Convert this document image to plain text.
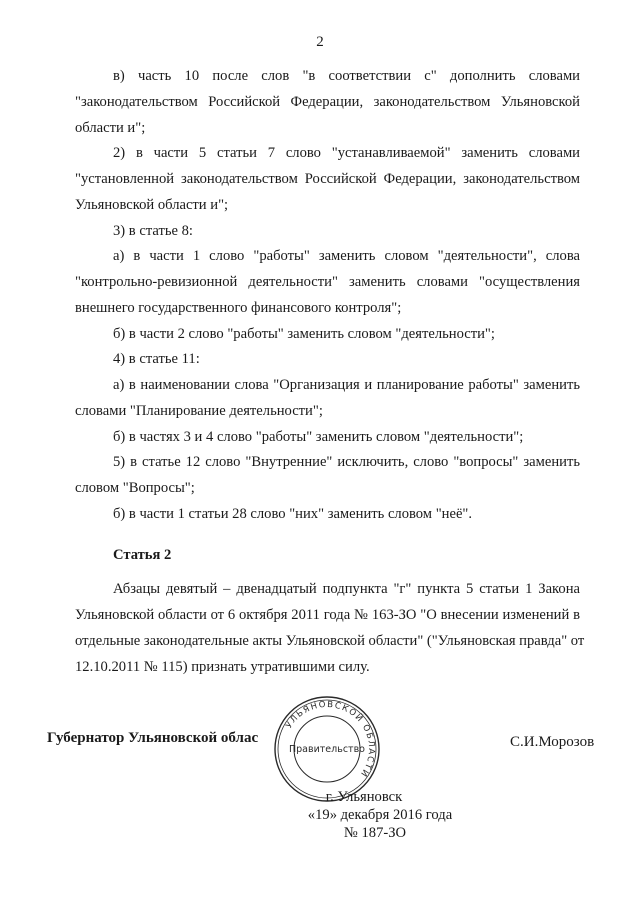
2
в) часть 10 после слов "в соответствии с" дополнить словами
"законодательством Российской Федерации, законодательством Ульяновской
области и";
2) в части 5 статьи 7 слово "устанавливаемой" заменить словами
"установленной законодательством Российской Федерации, законодательством
Ульяновской области и";
3) в статье 8:
а) в части 1 слово "работы" заменить словом "деятельности", слова
"контрольно-ревизионной деятельности" заменить словами "осуществления
внешнего государственного финансового контроля";
б) в части 2 слово "работы" заменить словом "деятельности";
4) в статье 11:
а) в наименовании слова "Организация и планирование работы" заменить
словами "Планирование деятельности";
б) в частях 3 и 4 слово "работы" заменить словом "деятельности";
5) в статье 12 слово "Внутренние" исключить, слово "вопросы" заменить
словом "Вопросы";
б) в части 1 статьи 28 слово "них" заменить словом "неё".
Статья 2
Абзацы девятый – двенадцатый подпункта "г" пункта 5 статьи 1 Закона
Ульяновской области от 6 октября 2011 года № 163-ЗО "О внесении изменений в
отдельные законодательные акты Ульяновской области" ("Ульяновская правда" от
12.10.2011 № 115) признать утратившими силу.
УЛЬЯНОВСКОЙ ОБЛАСТИ
Правительство
Губернатор Ульяновской облас	С.И.Морозов
г. Ульяновск
«19» декабря 2016 года
№ 187-ЗО
